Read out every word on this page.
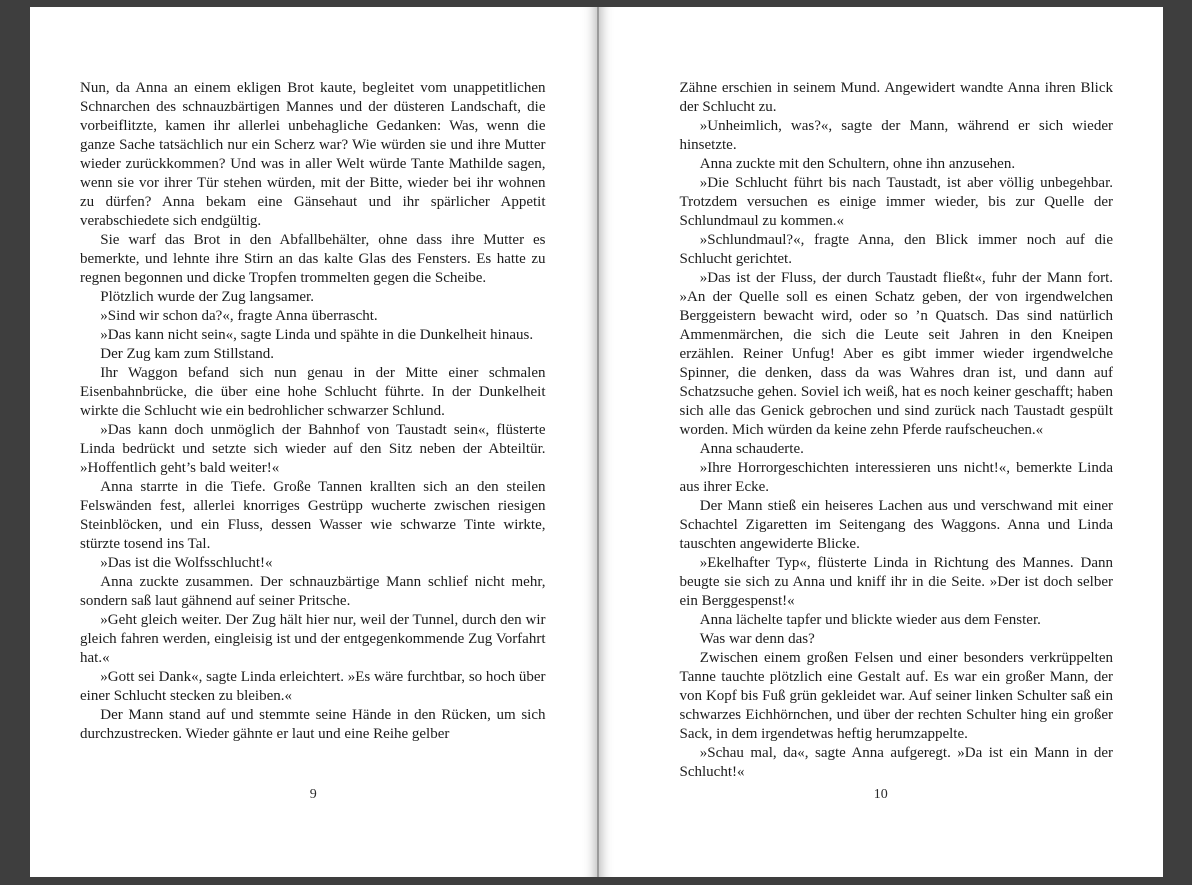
Nun, da Anna an einem ekligen Brot kaute, begleitet vom unappetitlichen Schnarchen des schnauzbärtigen Mannes und der düsteren Landschaft, die vorbeiflitzte, kamen ihr allerlei unbehagliche Gedanken: Was, wenn die ganze Sache tatsächlich nur ein Scherz war? Wie würden sie und ihre Mutter wieder zurückkommen? Und was in aller Welt würde Tante Mathilde sagen, wenn sie vor ihrer Tür stehen würden, mit der Bitte, wieder bei ihr wohnen zu dürfen? Anna bekam eine Gänsehaut und ihr spärlicher Appetit verabschiedete sich endgültig.

Sie warf das Brot in den Abfallbehälter, ohne dass ihre Mutter es bemerkte, und lehnte ihre Stirn an das kalte Glas des Fensters. Es hatte zu regnen begonnen und dicke Tropfen trommelten gegen die Scheibe.

Plötzlich wurde der Zug langsamer.

»Sind wir schon da?«, fragte Anna überrascht.

»Das kann nicht sein«, sagte Linda und spähte in die Dunkelheit hinaus.

Der Zug kam zum Stillstand.

Ihr Waggon befand sich nun genau in der Mitte einer schmalen Eisenbahnbrücke, die über eine hohe Schlucht führte. In der Dunkelheit wirkte die Schlucht wie ein bedrohlicher schwarzer Schlund.

»Das kann doch unmöglich der Bahnhof von Taustadt sein«, flüsterte Linda bedrückt und setzte sich wieder auf den Sitz neben der Abteiltür. »Hoffentlich geht’s bald weiter!«

Anna starrte in die Tiefe. Große Tannen krallten sich an den steilen Felswänden fest, allerlei knorriges Gestrüpp wucherte zwischen riesigen Steinblöcken, und ein Fluss, dessen Wasser wie schwarze Tinte wirkte, stürzte tosend ins Tal.

»Das ist die Wolfsschlucht!«

Anna zuckte zusammen. Der schnauzbärtige Mann schlief nicht mehr, sondern saß laut gähnend auf seiner Pritsche.

»Geht gleich weiter. Der Zug hält hier nur, weil der Tunnel, durch den wir gleich fahren werden, eingleisig ist und der entgegenkommende Zug Vorfahrt hat.«

»Gott sei Dank«, sagte Linda erleichtert. »Es wäre furchtbar, so hoch über einer Schlucht stecken zu bleiben.«

Der Mann stand auf und stemmte seine Hände in den Rücken, um sich durchzustrecken. Wieder gähnte er laut und eine Reihe gelber

9

Zähne erschien in seinem Mund. Angewidert wandte Anna ihren Blick der Schlucht zu.

»Unheimlich, was?«, sagte der Mann, während er sich wieder hinsetzte.

Anna zuckte mit den Schultern, ohne ihn anzusehen.

»Die Schlucht führt bis nach Taustadt, ist aber völlig unbegehbar. Trotzdem versuchen es einige immer wieder, bis zur Quelle der Schlundmaul zu kommen.«

»Schlundmaul?«, fragte Anna, den Blick immer noch auf die Schlucht gerichtet.

»Das ist der Fluss, der durch Taustadt fließt«, fuhr der Mann fort. »An der Quelle soll es einen Schatz geben, der von irgendwelchen Berggeistern bewacht wird, oder so ’n Quatsch. Das sind natürlich Ammenmärchen, die sich die Leute seit Jahren in den Kneipen erzählen. Reiner Unfug! Aber es gibt immer wieder irgendwelche Spinner, die denken, dass da was Wahres dran ist, und dann auf Schatzsuche gehen. Soviel ich weiß, hat es noch keiner geschafft; haben sich alle das Genick gebrochen und sind zurück nach Taustadt gespült worden. Mich würden da keine zehn Pferde raufscheuchen.«

Anna schauderte.

»Ihre Horrorgeschichten interessieren uns nicht!«, bemerkte Linda aus ihrer Ecke.

Der Mann stieß ein heiseres Lachen aus und verschwand mit einer Schachtel Zigaretten im Seitengang des Waggons. Anna und Linda tauschten angewiderte Blicke.

»Ekelhafter Typ«, flüsterte Linda in Richtung des Mannes. Dann beugte sie sich zu Anna und kniff ihr in die Seite. »Der ist doch selber ein Berggespenst!«

Anna lächelte tapfer und blickte wieder aus dem Fenster.

Was war denn das?

Zwischen einem großen Felsen und einer besonders verkrüppelten Tanne tauchte plötzlich eine Gestalt auf. Es war ein großer Mann, der von Kopf bis Fuß grün gekleidet war. Auf seiner linken Schulter saß ein schwarzes Eichhörnchen, und über der rechten Schulter hing ein großer Sack, in dem irgendetwas heftig herumzappelte.

»Schau mal, da«, sagte Anna aufgeregt. »Da ist ein Mann in der Schlucht!«

10
